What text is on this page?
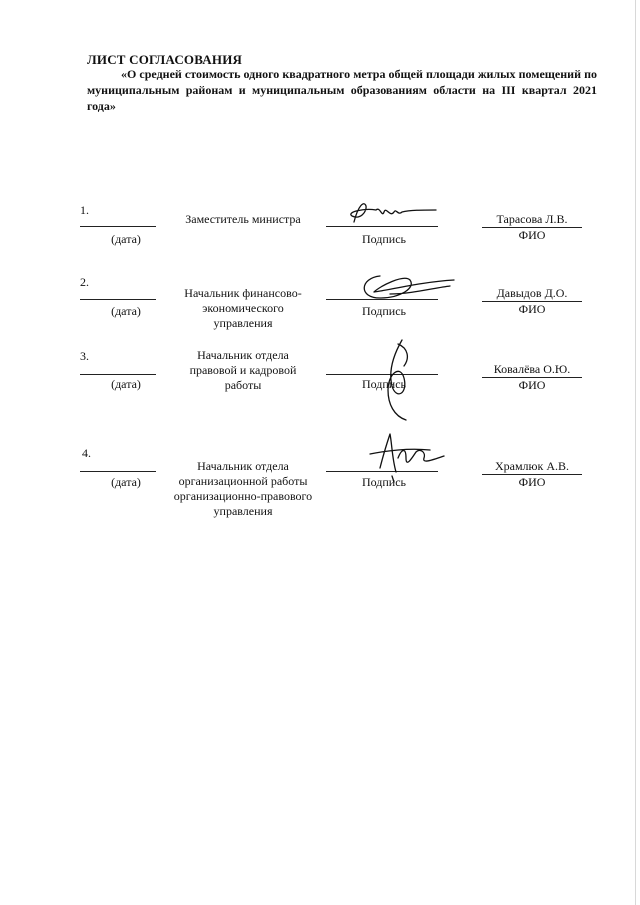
ЛИСТ СОГЛАСОВАНИЯ
«О средней стоимость одного квадратного метра общей площади жилых помещений по муниципальным районам и муниципальным образованиям области на III квартал 2021 года»
1.
(дата)
Заместитель министра
Подпись
Тарасова Л.В.
ФИО
2.
(дата)
Начальник финансово-экономического управления
Подпись
Давыдов Д.О.
ФИО
3.
(дата)
Начальник отдела правовой и кадровой работы	Подпись
Ковалёва О.Ю.
ФИО
4.
(дата)
Начальник отдела организационной работы организационно-правового управления
Подпись
Храмлюк А.В.
ФИО
